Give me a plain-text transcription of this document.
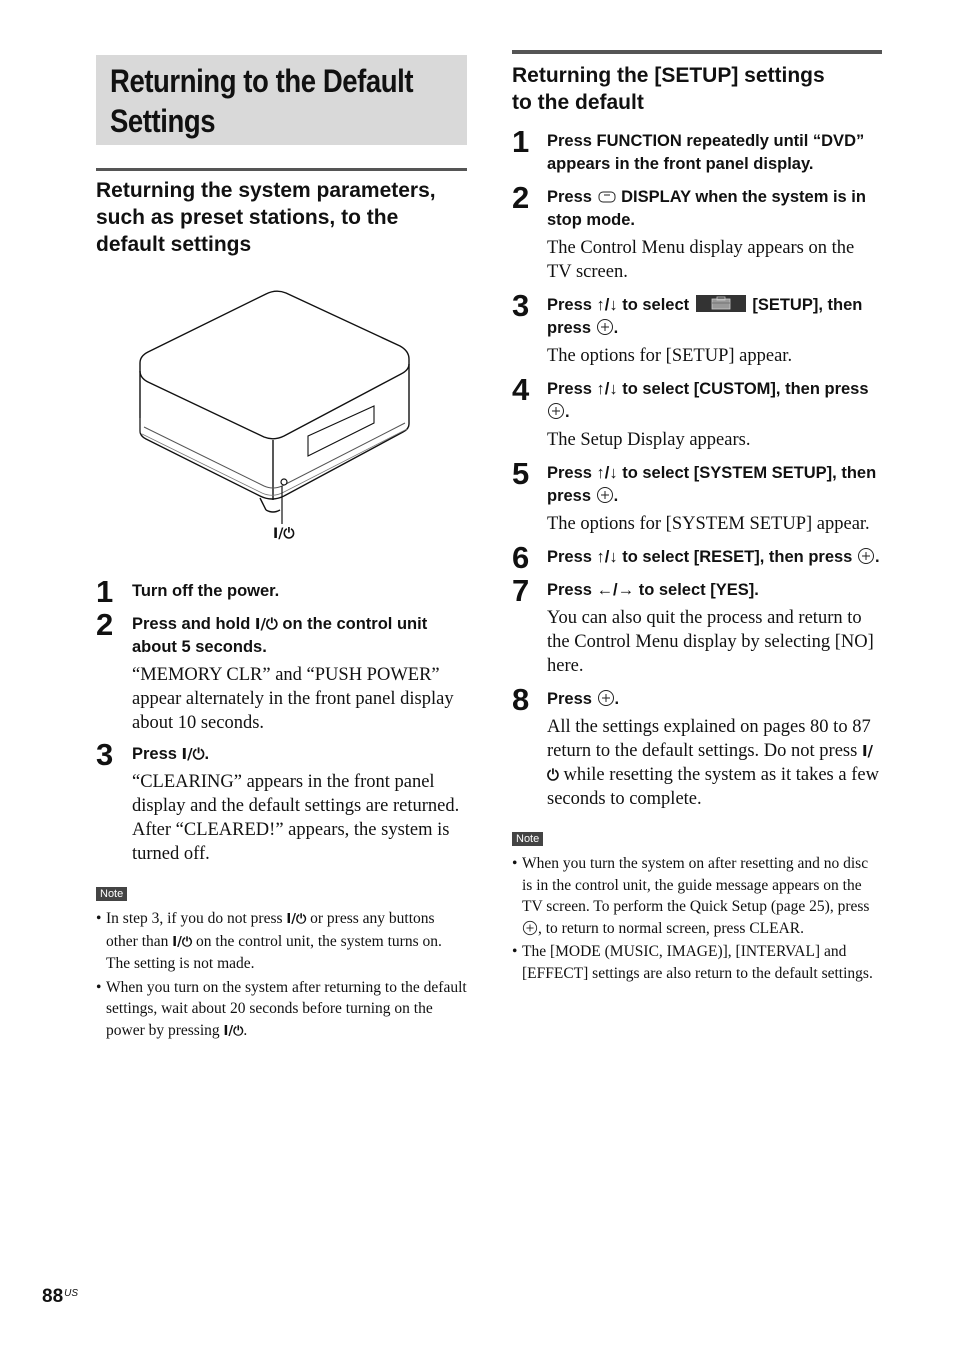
Returning to the Default
Settings
Returning the system parameters, such as preset stations, to the default settings
I/⏻
1 Turn off the power.
2 Press and hold I/⏻ on the control unit about 5 seconds.
“MEMORY CLR” and “PUSH POWER” appear alternately in the front panel display about 10 seconds.
3 Press I/⏻.
“CLEARING” appears in the front panel display and the default settings are returned. After “CLEARED!” appears, the system is turned off.
Note
• In step 3, if you do not press I/⏻ or press any buttons other than I/⏻ on the control unit, the system turns on. The setting is not made.
• When you turn on the system after returning to the default settings, wait about 20 seconds before turning on the power by pressing I/⏻.
Returning the [SETUP] settings to the default
1 Press FUNCTION repeatedly until “DVD” appears in the front panel display.
2 Press  DISPLAY when the system is in stop mode.
The Control Menu display appears on the TV screen.
3 Press ↑/↓ to select	[SETUP], then press .
The options for [SETUP] appear.
4 Press ↑/↓ to select [CUSTOM], then press .
The Setup Display appears.
5 Press ↑/↓ to select [SYSTEM SETUP], then press .
The options for [SYSTEM SETUP] appear.
6 Press ↑/↓ to select [RESET], then press .
7 Press ←/→ to select [YES].
You can also quit the process and return to the Control Menu display by selecting [NO] here.
8 Press .
All the settings explained on pages 80 to 87 return to the default settings. Do not press I/⏻ while resetting the system as it takes a few seconds to complete.
Note
• When you turn the system on after resetting and no disc is in the control unit, the guide message appears on the TV screen. To perform the Quick Setup (page 25), press , to return to normal screen, press CLEAR.
• The [MODE (MUSIC, IMAGE)], [INTERVAL] and [EFFECT] settings are also return to the default settings.
$88^{US}$
